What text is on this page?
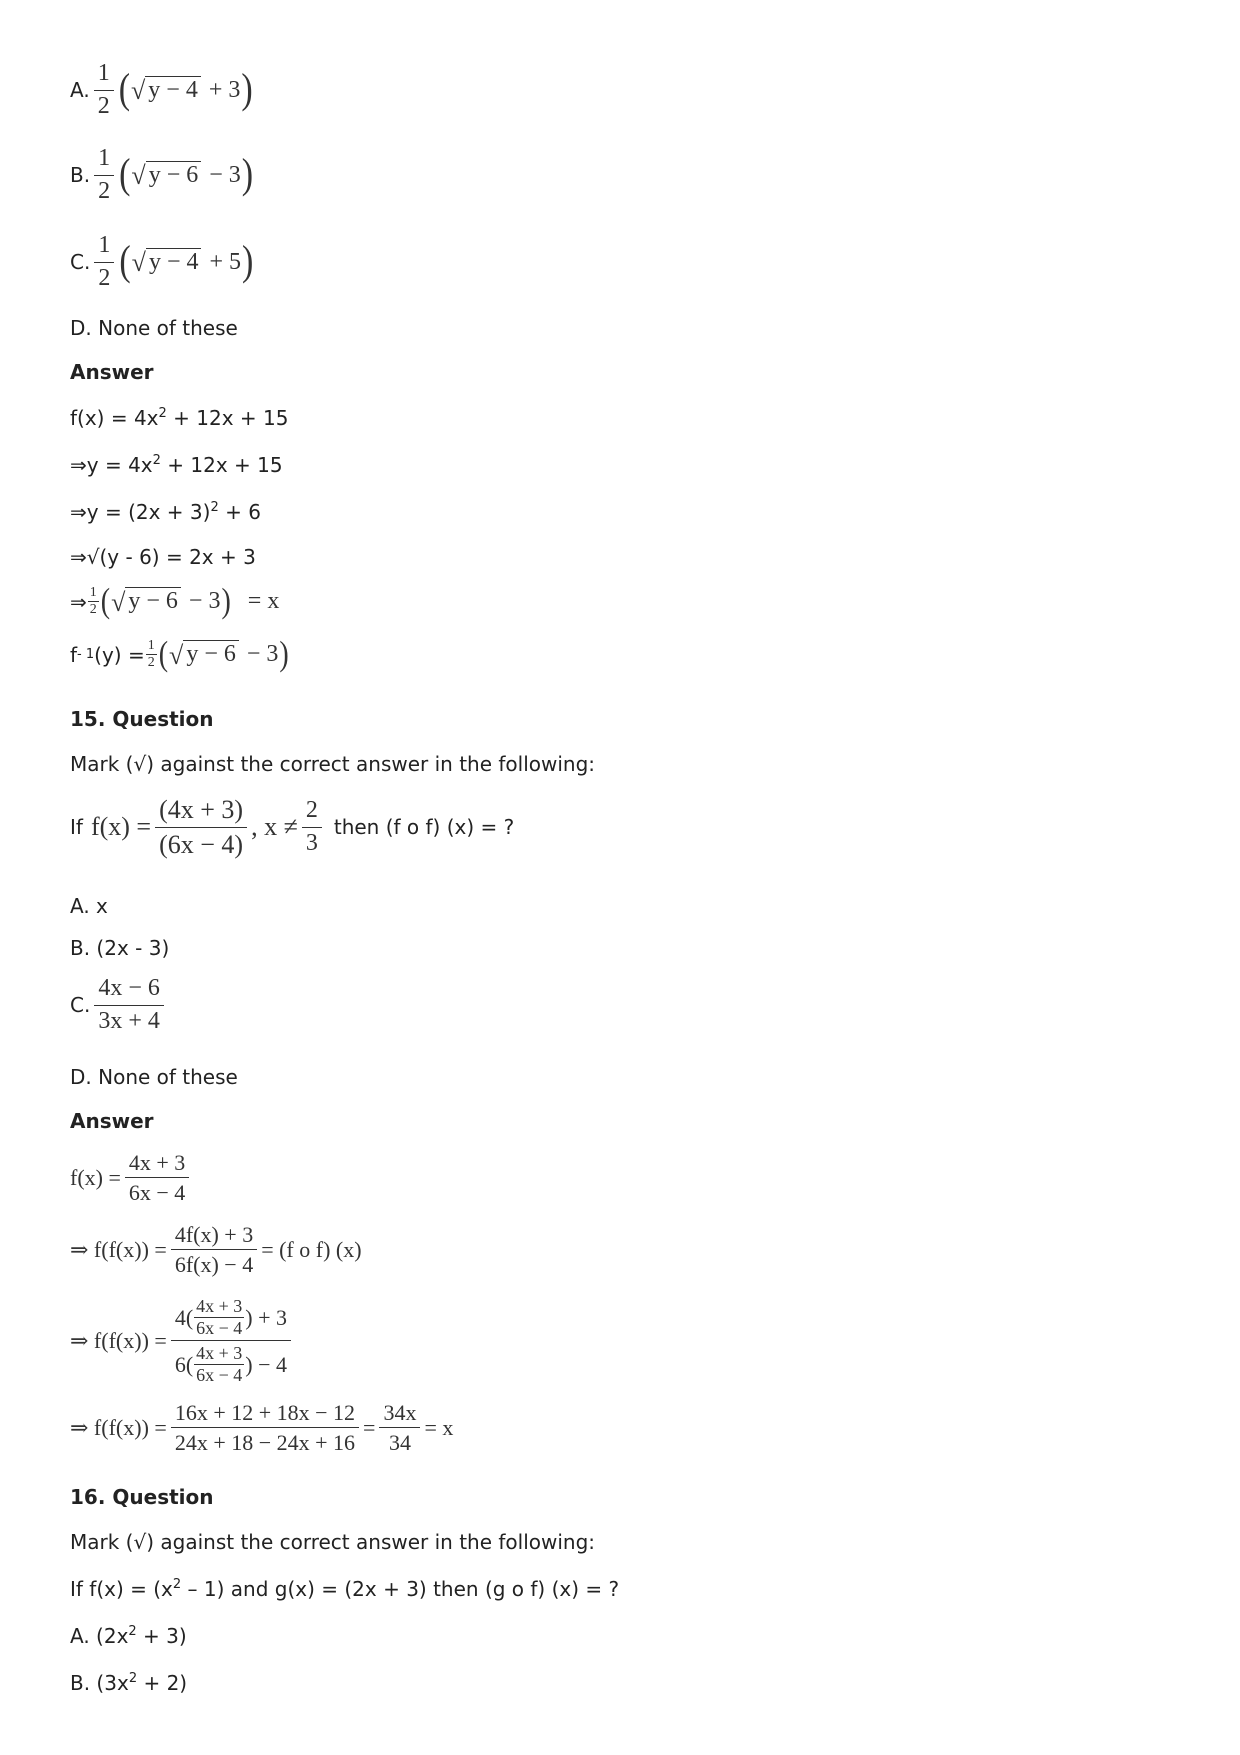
A. $\frac{1}{2}$ ( √ y − 4 + 3 )
B. $\frac{1}{2}$ ( √ y − 6 − 3 )
C. $\frac{1}{2}$ ( √ y − 4 + 5 )
D. None of these
Answer
$f(x) = 4x^2 + 12x + 15$
⇒y = $4x^2 + 12x + 15$
⇒y = $(2x + 3)^2 + 6$
⇒√(y - 6) = 2x + 3
⇒ $\frac{1}{2}$ ( √ y − 6 − 3 ) = x
f - 1 $(y) = \frac{1}{2}$ ( √ y − 6 − 3 )
15. Question
Mark (√) against the correct answer in the following:
If $f(x) = \frac{(4x + 3)}{(6x - 4)}$ , $x \ne \frac{2}{3}$ then (f o f) (x) = ?
A. x
B. (2x - 3)
C. $\frac{4x - 6}{3x + 4}$
D. None of these
Answer
$f(x) = \frac{4x + 3}{6x - 4}$
⇒ $f(f(x)) = \frac{4f(x) + 3}{6f(x) - 4} = (f$ o f) (x)
⇒ $f(f(x)) = \frac{4( \frac{4x + 3}{6x - 4} ) + 3}{6( \frac{4x + 3}{6x - 4} ) - 4}$
⇒ $f(f(x)) = \frac{16x + 12 + 18x - 12}{24x + 18 - 24x + 16} = \frac{34x}{34} = x$
16. Question
Mark (√) against the correct answer in the following:
If $f(x) = (x^2 - 1)$ and g(x) = (2x + 3) then (g o f) (x) = ?
A. $(2x^2 + 3)$
B. $(3x^2 + 2)$
